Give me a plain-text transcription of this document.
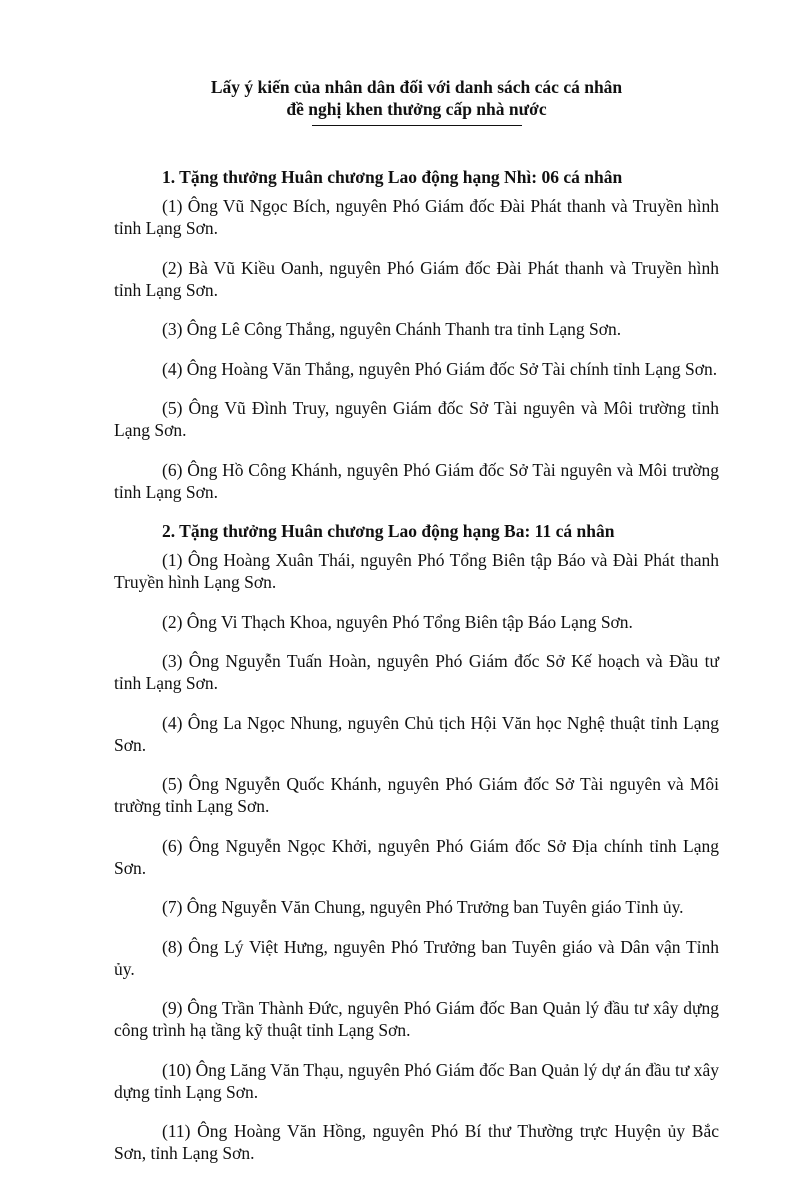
Lấy ý kiến của nhân dân đối với danh sách các cá nhân
đề nghị khen thưởng cấp nhà nước

1. Tặng thưởng Huân chương Lao động hạng Nhì: 06 cá nhân

(1) Ông Vũ Ngọc Bích, nguyên Phó Giám đốc Đài Phát thanh và Truyền hình tỉnh Lạng Sơn.

(2) Bà Vũ Kiều Oanh, nguyên Phó Giám đốc Đài Phát thanh và Truyền hình tỉnh Lạng Sơn.

(3) Ông Lê Công Thắng, nguyên Chánh Thanh tra tỉnh Lạng Sơn.

(4) Ông Hoàng Văn Thắng, nguyên Phó Giám đốc Sở Tài chính tỉnh Lạng Sơn.

(5) Ông Vũ Đình Truy, nguyên Giám đốc Sở Tài nguyên và Môi trường tỉnh Lạng Sơn.

(6) Ông Hồ Công Khánh, nguyên Phó Giám đốc Sở Tài nguyên và Môi trường tỉnh Lạng Sơn.

2. Tặng thưởng Huân chương Lao động hạng Ba: 11 cá nhân

(1) Ông Hoàng Xuân Thái, nguyên Phó Tổng Biên tập Báo và Đài Phát thanh Truyền hình Lạng Sơn.

(2) Ông Vi Thạch Khoa, nguyên Phó Tổng Biên tập Báo Lạng Sơn.

(3) Ông Nguyễn Tuấn Hoàn, nguyên Phó Giám đốc Sở Kế hoạch và Đầu tư tỉnh Lạng Sơn.

(4) Ông La Ngọc Nhung, nguyên Chủ tịch Hội Văn học Nghệ thuật tỉnh Lạng Sơn.

(5) Ông Nguyễn Quốc Khánh, nguyên Phó Giám đốc Sở Tài nguyên và Môi trường tỉnh Lạng Sơn.

(6) Ông Nguyễn Ngọc Khởi, nguyên Phó Giám đốc Sở Địa chính tỉnh Lạng Sơn.

(7) Ông Nguyễn Văn Chung, nguyên Phó Trưởng ban Tuyên giáo Tỉnh ủy.

(8) Ông Lý Việt Hưng, nguyên Phó Trưởng ban Tuyên giáo và Dân vận Tỉnh ủy.

(9) Ông Trần Thành Đức, nguyên Phó Giám đốc Ban Quản lý đầu tư xây dựng công trình hạ tầng kỹ thuật tỉnh Lạng Sơn.

(10) Ông Lăng Văn Thạu, nguyên Phó Giám đốc Ban Quản lý dự án đầu tư xây dựng tỉnh Lạng Sơn.

(11) Ông Hoàng Văn Hồng, nguyên Phó Bí thư Thường trực Huyện ủy Bắc Sơn, tỉnh Lạng Sơn.
